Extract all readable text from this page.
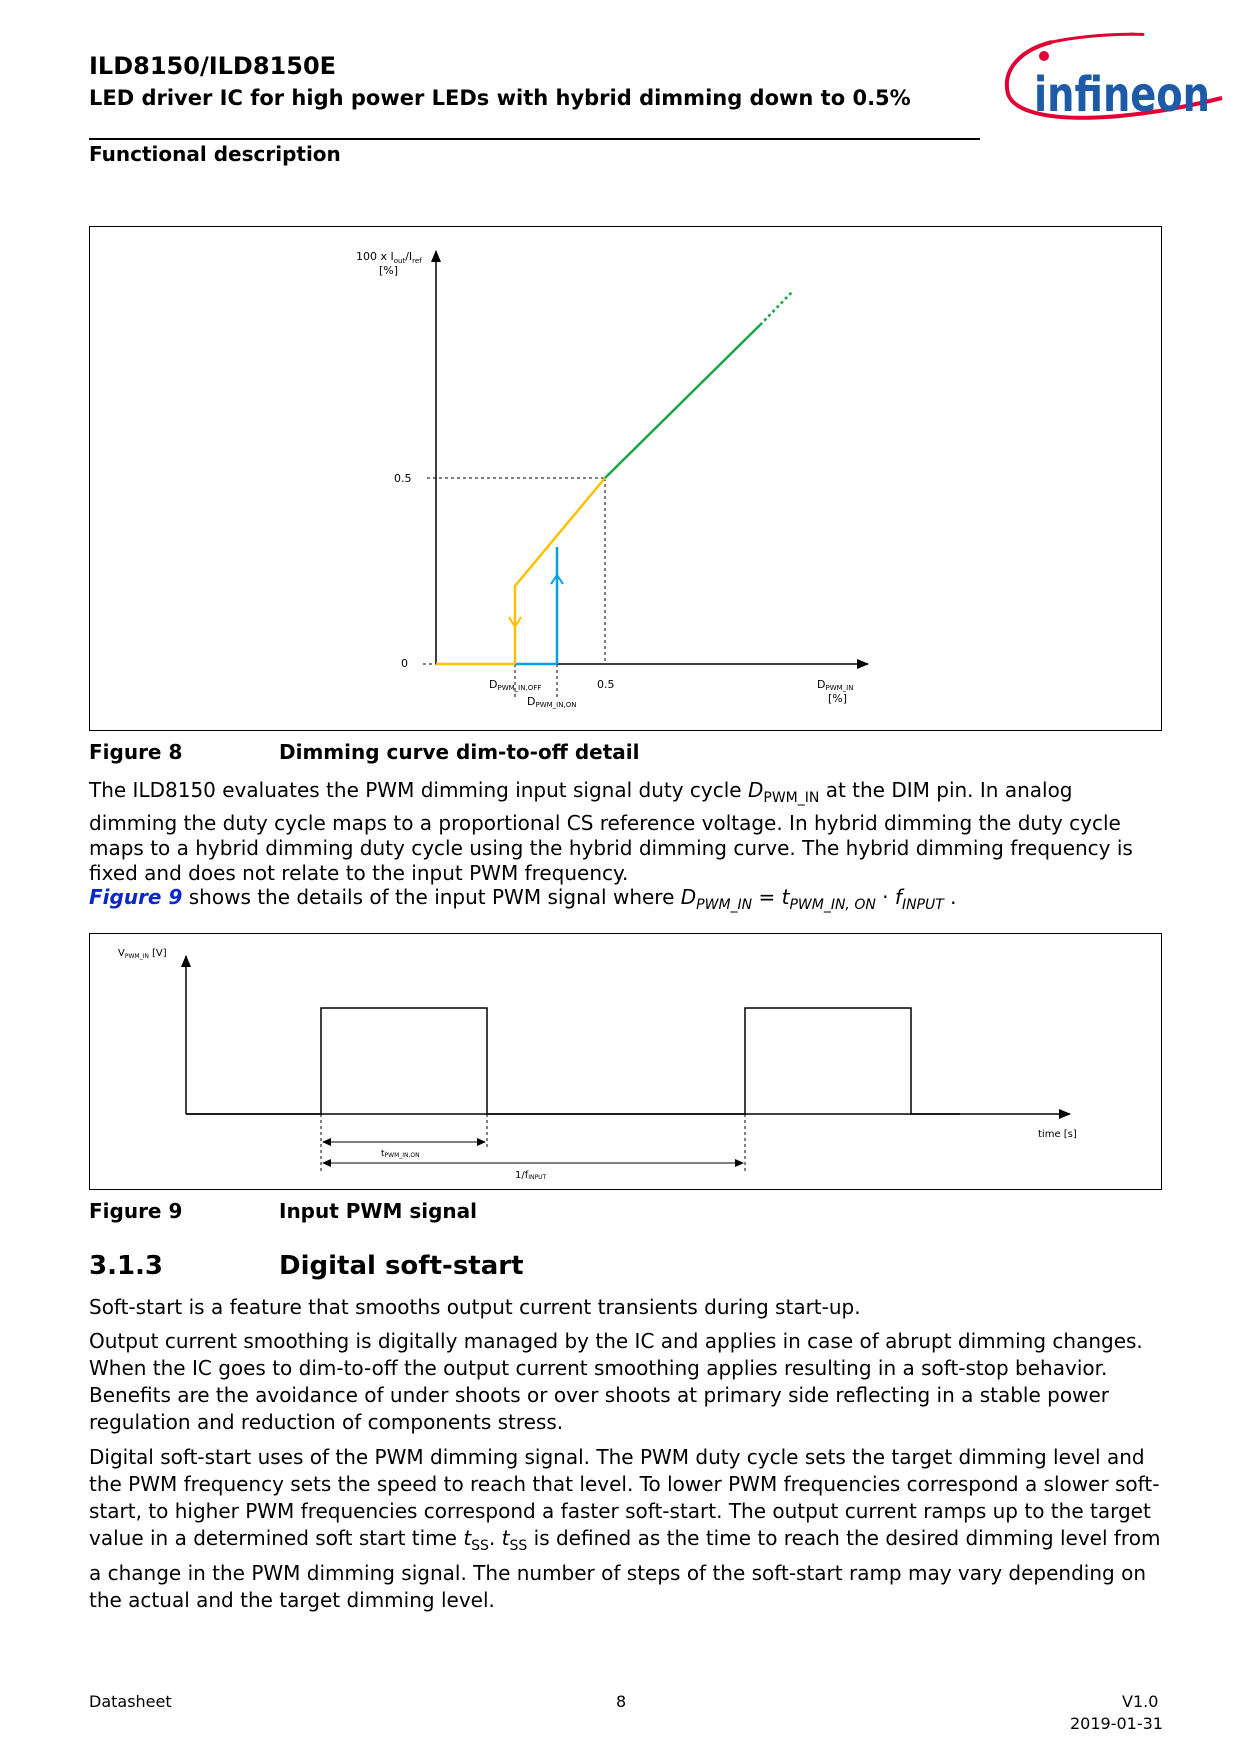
ILD8150/ILD8150E
LED driver IC for high power LEDs with hybrid dimming down to 0.5%
Functional description
infineon
100 x $I_{out}/I_{ref}$
[%]
0.5
0
DPWM_IN,OFF
DPWM_IN,ON
0.5	DPWM_IN
[%]
Figure 8	Dimming curve dim-to-off detail
The ILD8150 evaluates the PWM dimming input signal duty cycle $D_{PWM\_IN}$ at the DIM pin. In analog dimming the duty cycle maps to a proportional CS reference voltage. In hybrid dimming the duty cycle maps to a hybrid dimming duty cycle using the hybrid dimming curve. The hybrid dimming frequency is fixed and does not relate to the input PWM frequency.
Figure 9 shows the details of the input PWM signal where $D_{PWM\_IN} = t_{PWM\_IN, ON} \cdot f_{INPUT}$ .
$V_{PWM\_IN}$ [V]
time [s]
tPWM_IN,ON
1/fINPUT
Figure 9	Input PWM signal
3.1.3	Digital soft-start
Soft-start is a feature that smooths output current transients during start-up.
Output current smoothing is digitally managed by the IC and applies in case of abrupt dimming changes. When the IC goes to dim-to-off the output current smoothing applies resulting in a soft-stop behavior. Benefits are the avoidance of under shoots or over shoots at primary side reflecting in a stable power regulation and reduction of components stress.
Digital soft-start uses of the PWM dimming signal. The PWM duty cycle sets the target dimming level and the PWM frequency sets the speed to reach that level. To lower PWM frequencies correspond a slower soft-start, to higher PWM frequencies correspond a faster soft-start. The output current ramps up to the target value in a determined soft start time $t_{SS}$. $t_{SS}$ is defined as the time to reach the desired dimming level from a change in the PWM dimming signal. The number of steps of the soft-start ramp may vary depending on the actual and the target dimming level.
Datasheet	8	V1.0
2019-01-31
